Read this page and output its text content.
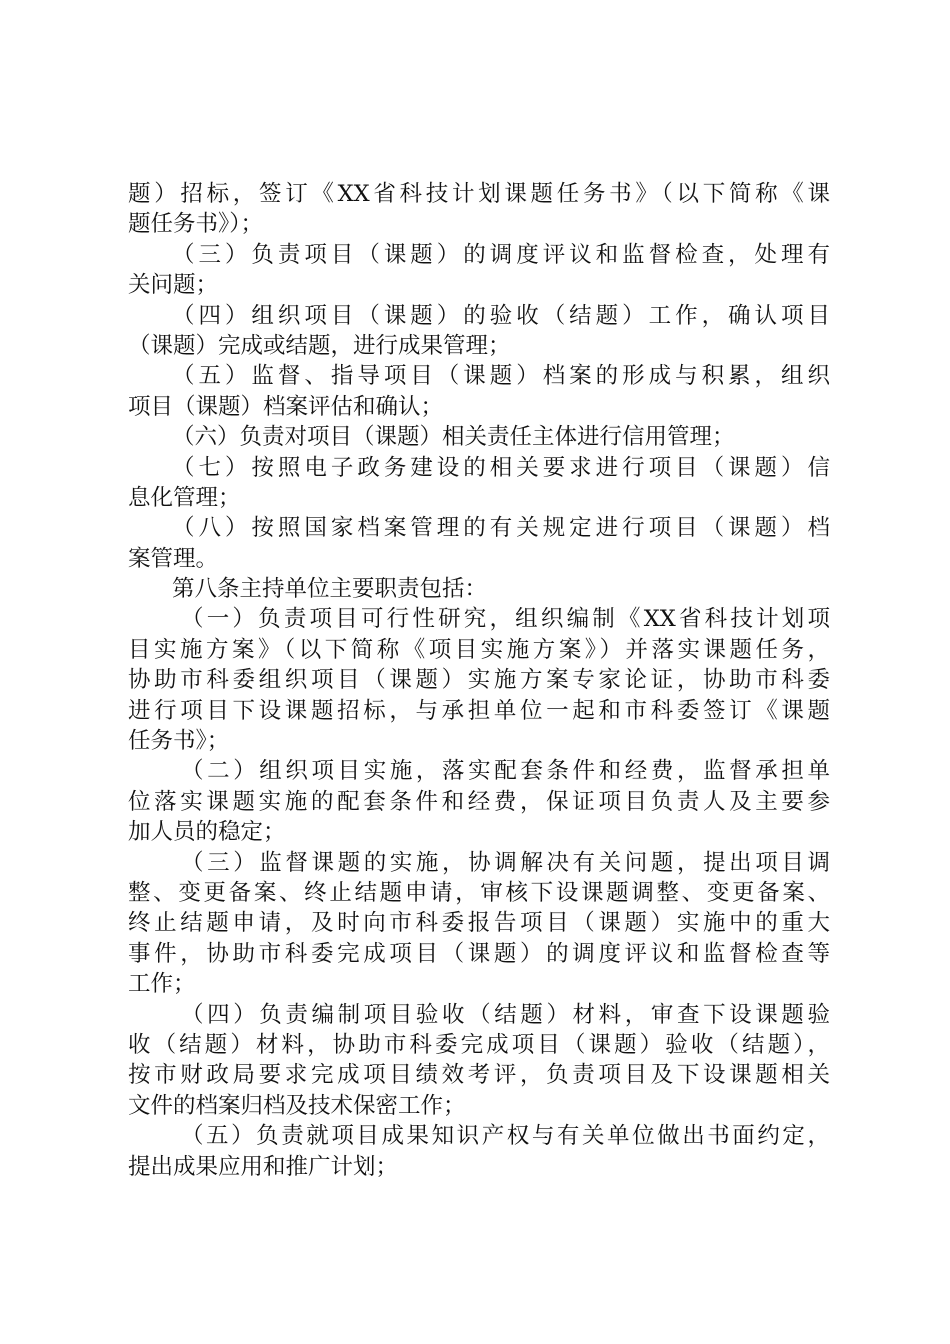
题）招标，签订《XX省科技计划课题任务书》（以下简称《课
题任务书》）；
（三）负责项目（课题）的调度评议和监督检查，处理有
关问题；
（四）组织项目（课题）的验收（结题）工作，确认项目
（课题）完成或结题，进行成果管理；
（五）监督、指导项目（课题）档案的形成与积累，组织
项目（课题）档案评估和确认；
（六）负责对项目（课题）相关责任主体进行信用管理；
（七）按照电子政务建设的相关要求进行项目（课题）信
息化管理；
（八）按照国家档案管理的有关规定进行项目（课题）档
案管理。
第八条主持单位主要职责包括：
（一）负责项目可行性研究，组织编制《XX省科技计划项
目实施方案》（以下简称《项目实施方案》）并落实课题任务，
协助市科委组织项目（课题）实施方案专家论证，协助市科委
进行项目下设课题招标，与承担单位一起和市科委签订《课题
任务书》；
（二）组织项目实施，落实配套条件和经费，监督承担单
位落实课题实施的配套条件和经费，保证项目负责人及主要参
加人员的稳定；
（三）监督课题的实施，协调解决有关问题，提出项目调
整、变更备案、终止结题申请，审核下设课题调整、变更备案、
终止结题申请，及时向市科委报告项目（课题）实施中的重大
事件，协助市科委完成项目（课题）的调度评议和监督检查等
工作；
（四）负责编制项目验收（结题）材料，审查下设课题验
收（结题）材料，协助市科委完成项目（课题）验收（结题），
按市财政局要求完成项目绩效考评，负责项目及下设课题相关
文件的档案归档及技术保密工作；
（五）负责就项目成果知识产权与有关单位做出书面约定，
提出成果应用和推广计划；
